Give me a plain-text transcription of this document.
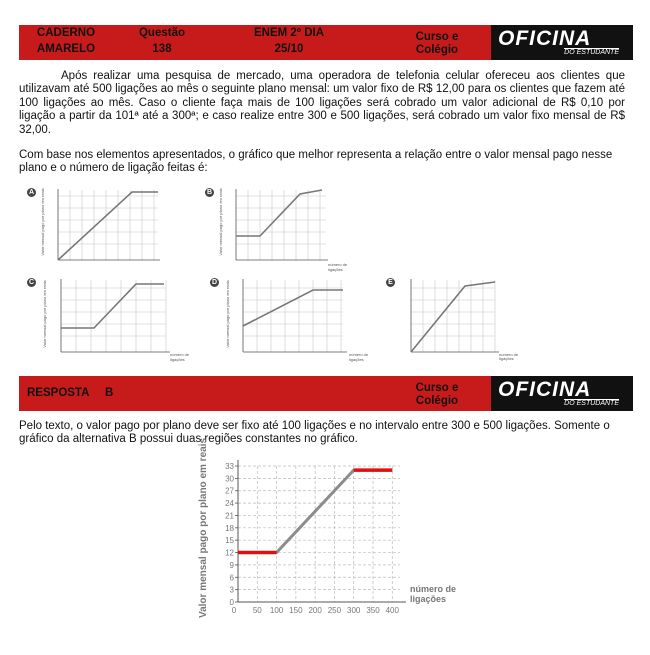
CADERNO
AMARELO
Questão
138
ENEM 2º DIA
25/10
Curso e
Colégio	OFICINA
DO ESTUDANTE
Após realizar uma pesquisa de mercado, uma operadora de telefonia celular ofereceu aos clientes que utilizavam até 500 ligações ao mês o seguinte plano mensal: um valor fixo de R$ 12,00 para os clientes que fazem até 100 ligações ao mês. Caso o cliente faça mais de 100 ligações será cobrado um valor adicional de R$ 0,10 por ligação a partir da 101ª até a 300ª; e caso realize entre 300 e 500 ligações, será cobrado um valor fixo mensal de R$ 32,00.
Com base nos elementos apresentados, o gráfico que melhor representa a relação entre o valor mensal pago nesse plano e o número de ligação feitas é:
A	Valor mensal pago por plano em reais	B	Valor mensal pago por plano em reais
número de
ligações
C	Valor mensal pago por plano em reais
número de
ligações
D	Valor mensal pago por plano em reais
número de
ligações
E
número de
ligações
RESPOSTA B	Curso e
Colégio	OFICINA
DO ESTUDANTE
Pelo texto, o valor pago por plano deve ser fixo até 100 ligações e no intervalo entre 300 e 500 ligações. Somente o gráfico da alternativa B possui duas regiões constantes no gráfico.
0
3
6
9
12
15
18
21
24
27
30
33
0 50 100 150 200 250 300 350 400
Valor mensal pago por plano em reais	número de
ligações
